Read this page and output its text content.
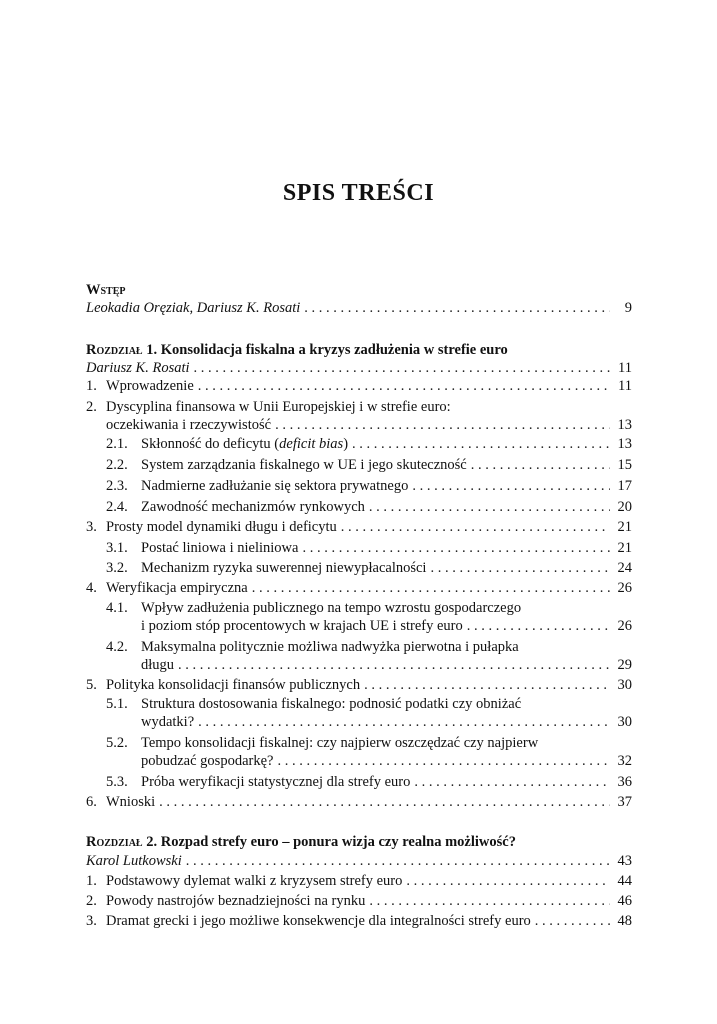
SPIS TREŚCI
Wstęp
Leokadia Oręziak, Dariusz K. Rosati . . .	9
Rozdział 1. Konsolidacja fiskalna a kryzys zadłużenia w strefie euro
Dariusz K. Rosati . . .	11
1. Wprowadzenie . . .	11
2. Dyscyplina finansowa w Unii Europejskiej i w strefie euro:
oczekiwania i rzeczywistość . . .	13
2.1. Skłonność do deficytu (deficit bias) . . .	13
2.2. System zarządzania fiskalnego w UE i jego skuteczność . . .	15
2.3. Nadmierne zadłużanie się sektora prywatnego . . .	17
2.4. Zawodność mechanizmów rynkowych . . .	20
3. Prosty model dynamiki długu i deficytu . . .	21
3.1. Postać liniowa i nieliniowa . . .	21
3.2. Mechanizm ryzyka suwerennej niewypłacalności . . .	24
4. Weryfikacja empiryczna . . .	26
4.1. Wpływ zadłużenia publicznego na tempo wzrostu gospodarczego
i poziom stóp procentowych w krajach UE i strefy euro . . .	26
4.2. Maksymalna politycznie możliwa nadwyżka pierwotna i pułapka
długu . . .	29
5. Polityka konsolidacji finansów publicznych . . .	30
5.1. Struktura dostosowania fiskalnego: podnosić podatki czy obniżać
wydatki? . . .	30
5.2. Tempo konsolidacji fiskalnej: czy najpierw oszczędzać czy najpierw
pobudzać gospodarkę? . . .	32
5.3. Próba weryfikacji statystycznej dla strefy euro . . .	36
6. Wnioski . . .	37
Rozdział 2. Rozpad strefy euro – ponura wizja czy realna możliwość?
Karol Lutkowski . . .	43
1. Podstawowy dylemat walki z kryzysem strefy euro . . .	44
2. Powody nastrojów beznadziejności na rynku . . .	46
3. Dramat grecki i jego możliwe konsekwencje dla integralności strefy euro . . .	48
